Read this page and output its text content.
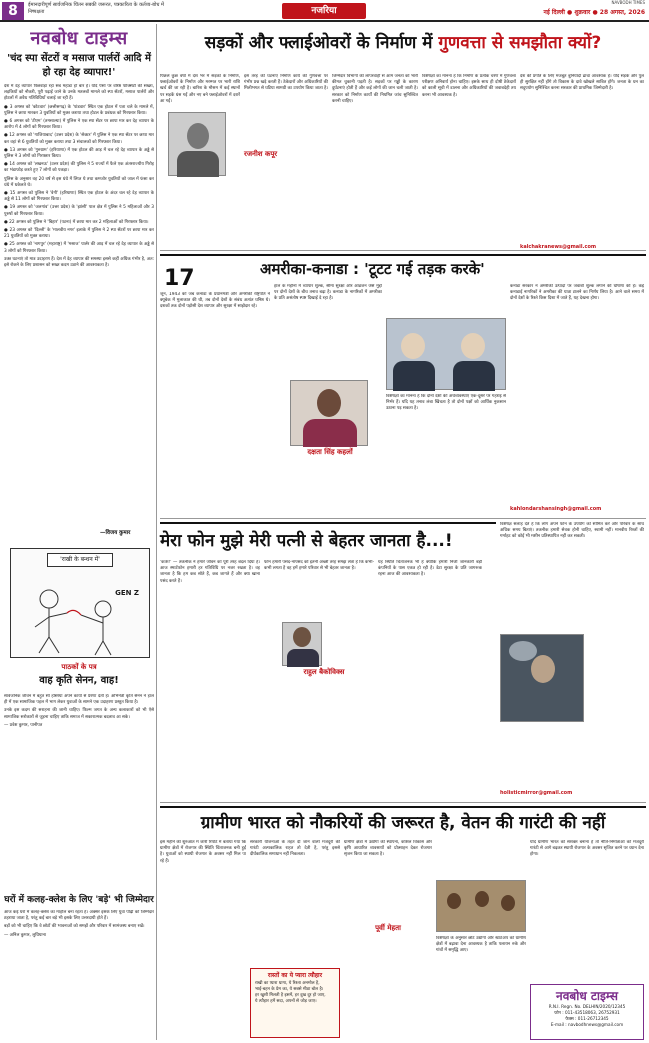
8	ईमानदारीपूर्ण सार्वजनिक चिंतन सबकी जरूरत, पत्रकारिता के कर्तव्य-बोध में निष्पक्षता	नजरिया
NAVBODH TIMES
नई दिल्ली ● शुक्रवार ● 28 अगस्त, 2026
नवबोध टाइम्स
'चंद स्पा सेंटरों व मसाज पार्लरों आदि में हो रहा देह व्यापार!'

देश में देह व्यापार पिछवाड़ा रहा सब महाडा हो बार है। यदि पैसों पर वरिष्ठ पाक्सिटी की सख्ता, लड़कियों को नौकरी, पूरी पढ़ाई जाने के उनके मतलबों मामले को स्पा सेंटरों, मसाज पार्लरों और होटलों में अवैध गतिविधियाँ चलाई जा रही हैं।

● 3 अगस्त को 'कोटवार' (छत्तीसगढ़) के 'पांडवार' स्थित एक होटल में पता चले के मामले में, पुलिस ने छापा मारकर 3 युवतियों को मुक्त कराया तथा होटल के प्रबंधक को गिरफ्तार किया।

● 6 अगस्त को 'टीएम' (तमसाल्या) में पुलिस ने एक स्पा सेंटर पर छापा मार कर देह व्यापार के आरोप में 4 लोगों को गिरफ्तार किया।

● 12 अगस्त को 'गाजियाबाद' (उत्तर प्रदेश) के 'सेक्टर' में पुलिस ने एक स्पा सेंटर पर छापा मार कर वहां से 6 युवतियों को मुक्त कराया तथा 3 संचालकों को गिरफ्तार किया।

● 13 अगस्त को 'गुरुग्राम' (हरियाणा) में एक होटल की आड़ में चल रहे देह व्यापार के अड्डे से पुलिस ने 3 लोगों को गिरफ्तार किया।

● 14 अगस्त को 'लखनऊ' (उत्तर प्रदेश) की पुलिस ने 5 राज्यों में फैले एक अंतरराज्यीय गिरोह का भंडाफोड़ करते हुए 7 लोगों को पकड़ा।

पुलिस के अनुसार वह 20 वर्ष से इस धंधे में लिप्त थे तथा कमजोर युवतियों को जाल में फंसा कर धंधे में धकेलते थे।

● 15 अगस्त को पुलिस ने 'वेगी' (हरियाणा) स्थित एक होटल के अंदर चल रहे देह व्यापार के अड्डे से 11 लोगों को गिरफ्तार किया।

● 19 अगस्त को 'जलगांव' (उत्तर प्रदेश) के 'झांसी' पाल क्षेत्र में पुलिस ने 5 महिलाओं और 3 पुरुषों को गिरफ्तार किया।

● 22 अगस्त को पुलिस ने 'बिहार' (पटना) में छापा मार कर 2 महिलाओं को गिरफ्तार किया।

● 23 अगस्त को 'दिल्ली' के 'मालवीय नगर' इलाके में पुलिस ने 2 स्पा सेंटरों पर छापा मार कर 21 युवतियों को मुक्त कराया।

● 25 अगस्त को 'नागपुर' (महाराष्ट्र) में 'मसाज' पार्लर की आड़ में चल रहे देह व्यापार के अड्डे से 3 लोगों को गिरफ्तार किया।

उक्त घटनाएं तो मात्र उदाहरण हैं। देश में देह व्यापार की समस्या इससे कहीं अधिक गंभीर है, अत: इसे रोकने के लिए प्रशासन को सख्त कदम उठाने की आवश्यकता है।

—विजय कुमार
'राखी के बन्धन में'
GEN Z
पाठकों के पत्र
वाह कृति सेनन, वाह!

सार्वजनिक जीवन में बहुत सी हस्तियाँ अपने कार्यों से प्रेरणा देती हैं। अभिनेत्री कृति सेनन ने हाल ही में एक सामाजिक पहल में भाग लेकर युवाओं के सामने एक उदाहरण प्रस्तुत किया है।

उनके इस कदम की सराहना की जानी चाहिए। फिल्म जगत के अन्य कलाकारों को भी ऐसे सामाजिक सरोकारों से जुड़ना चाहिए ताकि समाज में सकारात्मक बदलाव आ सके।

— प्रवेश कुमार, पानीपत

घरों में कलह-क्लेश के लिए 'बड़े' भी जिम्मेदार

आज कई घरों में कलह-क्लेश का माहौल बना रहता है। अक्सर इसके लिए युवा पीढ़ी को जिम्मेदार ठहराया जाता है, परंतु कई बार बड़े भी इसके लिए उत्तरदायी होते हैं।

बड़ों को भी चाहिए कि वे छोटों की भावनाओं को समझें और परिवार में सामंजस्य बनाए रखें।

— अनिल कुमार, लुधियाना

सड़कों और फ्लाईओवरों के निर्माण में गुणवत्ता से समझौता क्यों?

पिछले कुछ वर्षों में देश भर में सड़कों के निर्माण, फ्लाईओवरों के निर्माण और मरम्मत पर भारी राशि खर्च की जा रही है। बारिश के मौसम में कई स्थानों पर सड़कें धंस गईं और नए बने फ्लाईओवरों में दरारें आ गईं।

इस तरह की घटनाएं निर्माण कार्य की गुणवत्ता पर गंभीर प्रश्न खड़े करती हैं। ठेकेदारों और अधिकारियों की मिलीभगत से घटिया सामग्री का उपयोग किया जाता है।

रजनीश कपूर

जिम्मेदार विभागों की लापरवाही से आम जनता को भारी कीमत चुकानी पड़ती है। सड़कों पर गड्ढों के कारण दुर्घटनाएं होती हैं और कई लोगों की जान चली जाती है। सरकार को निर्माण कार्यों की नियमित जांच सुनिश्चित करनी चाहिए।

विशेषज्ञों का मानना है कि निर्माण के प्रत्येक चरण में गुणवत्ता परीक्षण अनिवार्य होना चाहिए। इसके साथ ही दोषी ठेकेदारों को काली सूची में डालना और अधिकारियों की जवाबदेही तय करना भी आवश्यक है।

देश की प्रगति के लिए मजबूत बुनियादी ढांचा आवश्यक है। यदि सड़कें और पुल ही सुरक्षित नहीं होंगे तो विकास के दावे खोखले साबित होंगे। जनता के धन का सदुपयोग सुनिश्चित करना सरकार की प्राथमिक जिम्मेदारी है।

kalchakranews@gmail.com
अमरीका-कनाडा : 'टूटट गई तड़क करके'
17

जून, 1943 को जब कनाडा के प्रधानमंत्री और अमरीकी राष्ट्रपति ने क्यूबेक में मुलाकात की थी, तब दोनों देशों के संबंध अत्यंत घनिष्ठ थे। दशकों तक दोनों पड़ोसी देश व्यापार और सुरक्षा में साझेदार रहे।

हाल के महीनों में व्यापार शुल्क, सीमा सुरक्षा और आव्रजन जैसे मुद्दों पर दोनों देशों के बीच तनाव बढ़ा है। कनाडा के नागरिकों में अमरीका के प्रति असंतोष स्पष्ट दिखाई दे रहा है।

दक्षता सिंह कहलों

विशेषज्ञों का मानना है कि दोनों देशों की अर्थव्यवस्थाएं एक-दूसरे पर गहराई से निर्भर हैं। यदि यह तनाव लंबा खिंचता है तो दोनों पक्षों को आर्थिक नुकसान उठाना पड़ सकता है।

कनाडा सरकार ने अमरीकी उत्पादों पर जवाबी शुल्क लगाने की घोषणा की है। कई कनाडाई नागरिकों ने अमरीका की यात्रा टालने का निर्णय लिया है। आने वाले समय में दोनों देशों के रिश्ते किस दिशा में जाते हैं, यह देखना होगा।

kahlondarshansingh@gmail.com
मेरा फोन मुझे मेरी पत्नी से बेहतर जानता है...!

'काश!' — तकनीक ने हमारे जीवन को पूरी तरह बदल दिया है। आज स्मार्टफोन हमारी हर गतिविधि पर नजर रखता है। वह जानता है कि हम कब सोते हैं, कब जागते हैं और क्या खाना पसंद करते हैं।

फोन हमारी पसंद-नापसंद को इतनी अच्छी तरह समझ लेता है कि कभी-कभी लगता है वह हमें हमारे परिवार से भी बेहतर जानता है।

राहुल बैकोविक्स

यह स्थिति चिंताजनक भी है क्योंकि हमारी निजी जानकारी बड़ी कंपनियों के पास एकत्र हो रही है। डेटा सुरक्षा के प्रति जागरूक रहना आज की आवश्यकता है।

विशेषज्ञ सलाह देते हैं कि लोग अपने फोन के उपयोग को सीमित करें और परिवार के साथ अधिक समय बिताएं। तकनीक हमारी सेवक होनी चाहिए, स्वामी नहीं। मानवीय रिश्तों की गर्माहट को कोई भी मशीन प्रतिस्थापित नहीं कर सकती।

holisticmirror@gmail.com
ग्रामीण भारत को नौकरियों की जरूरत है, वेतन की गारंटी की नहीं

इस महीने की शुरुआत में जारी रिपोर्ट में बताया गया कि ग्रामीण क्षेत्रों में रोजगार की स्थिति चिंताजनक बनी हुई है। युवाओं को स्थायी रोजगार के अवसर नहीं मिल पा रहे हैं।

सरकारी योजनाओं के तहत दी जाने वाली मजदूरी की गारंटी अल्पकालिक राहत तो देती है, परंतु इससे दीर्घकालिक समाधान नहीं निकलता।

ग्रामीण क्षेत्रों में उद्योगों की स्थापना, कौशल विकास और कृषि आधारित व्यवसायों को प्रोत्साहन देकर रोजगार सृजन किया जा सकता है।

पूर्वी मेहता

विशेषज्ञों के अनुसार छोटे उद्योगों और स्टार्टअप को ग्रामीण क्षेत्रों में बढ़ावा देना आवश्यक है ताकि पलायन रुके और गांवों में समृद्धि आए।

यदि ग्रामीण भारत को सशक्त बनाना है तो नीति-निर्माताओं को मजदूरी गारंटी से आगे बढ़कर स्थायी रोजगार के अवसर सृजित करने पर ध्यान देना होगा।

रास्तों का ये प्यारा त्यौहार
राखी का प्यारा धागा, ये रिश्ता अनमोल है,
भाई-बहन के प्रेम का, ये सबसे मीठा बोल है।
हर खुशी मिलती है इसमें, हर दुख दूर हो जाए,
ये त्यौहार हमें सदा, अपनों से जोड़ जाए।	नवबोध टाइम्स
R.N.I. Regn. No. DELHIN/2020/12345
फोन : 011-43518063, 26752931
फैक्स : 011-26712345
E-mail : navbodhnews@gmail.com
